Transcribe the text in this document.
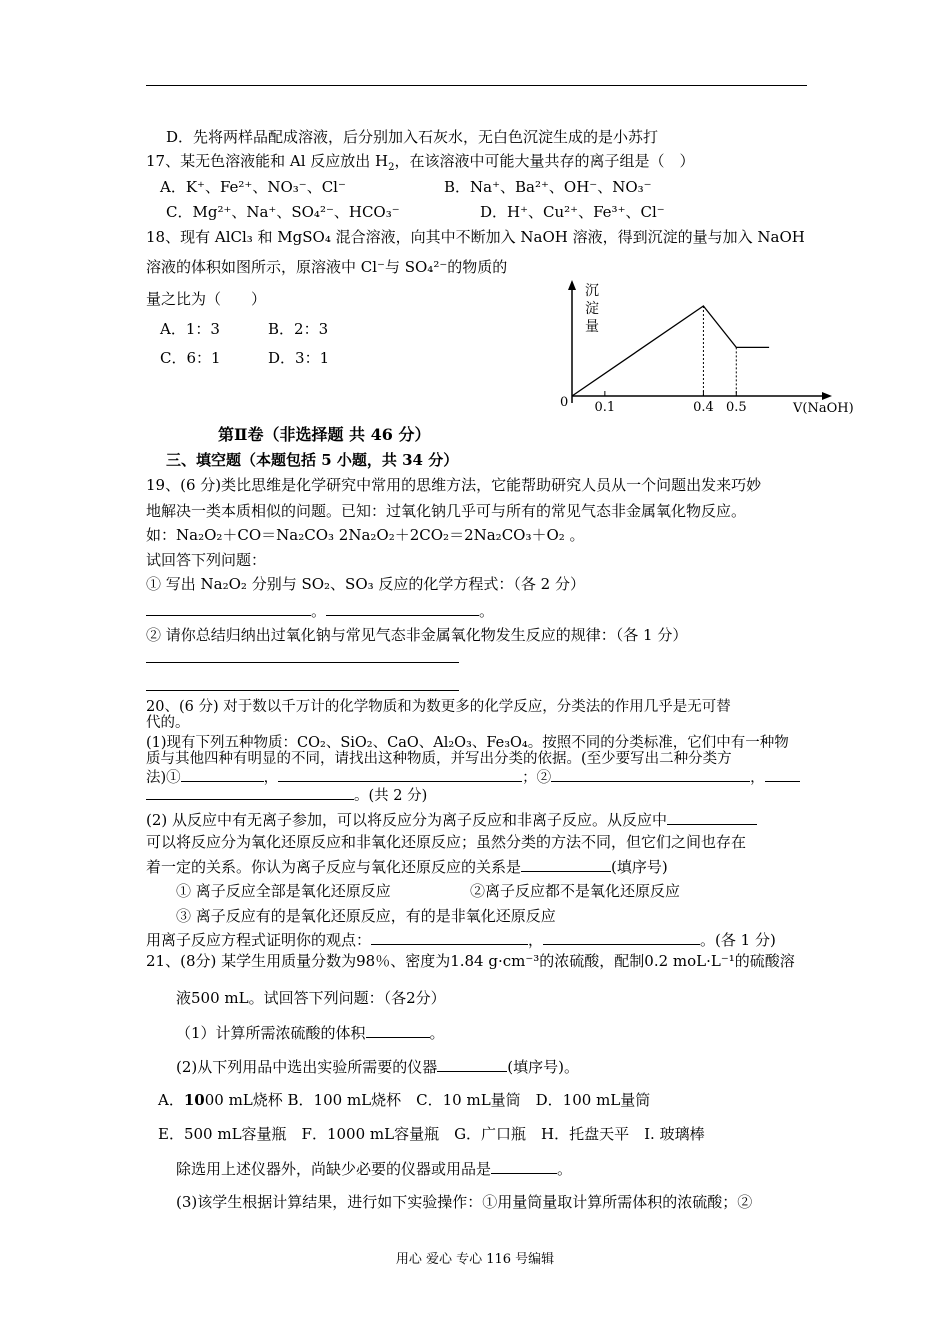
D．先将两样品配成溶液，后分别加入石灰水，无白色沉淀生成的是小苏打
17、某无色溶液能和 Al 反应放出 $H_2$，在该溶液中可能大量共存的离子组是（　）
A．K⁺、Fe²⁺、NO₃⁻、Cl⁻	B．Na⁺、Ba²⁺、OH⁻、NO₃⁻
C．Mg²⁺、Na⁺、SO₄²⁻、HCO₃⁻	D．H⁺、Cu²⁺、Fe³⁺、Cl⁻
18、现有 AlCl₃ 和 MgSO₄ 混合溶液，向其中不断加入 NaOH 溶液，得到沉淀的量与加入 NaOH
溶液的体积如图所示，原溶液中 Cl⁻与 SO₄²⁻的物质的
量之比为（　　）
A．1：3	B．2：3
C．6：1	D．3：1
沉
淀
量
0	V(NaOH)
0.1	0.4 0.5
第Ⅱ卷（非选择题 共 46 分）
三、填空题（本题包括 5 小题，共 34 分）
19、(6 分)类比思维是化学研究中常用的思维方法，它能帮助研究人员从一个问题出发来巧妙
地解决一类本质相似的问题。已知：过氧化钠几乎可与所有的常见气态非金属氧化物反应。
如：Na₂O₂＋CO＝Na₂CO₃ 2Na₂O₂＋2CO₂＝2Na₂CO₃＋O₂ 。
试回答下列问题：
① 写出 Na₂O₂ 分别与 SO₂、SO₃ 反应的化学方程式：（各 2 分）
。	。
② 请你总结归纳出过氧化钠与常见气态非金属氧化物发生反应的规律：（各 1 分）
20、(6 分) 对于数以千万计的化学物质和为数更多的化学反应，分类法的作用几乎是无可替
代的。
(1)现有下列五种物质：CO₂、SiO₂、CaO、Al₂O₃、Fe₃O₄。按照不同的分类标准，它们中有一种物
质与其他四种有明显的不同，请找出这种物质，并写出分类的依据。(至少要写出二种分类方
法)①	，	；②	，
。(共 2 分)
(2) 从反应中有无离子参加，可以将反应分为离子反应和非离子反应。从反应中
可以将反应分为氧化还原反应和非氧化还原反应；虽然分类的方法不同，但它们之间也存在
着一定的关系。你认为离子反应与氧化还原反应的关系是	(填序号)
① 离子反应全部是氧化还原反应	②离子反应都不是氧化还原反应
③ 离子反应有的是氧化还原反应，有的是非氧化还原反应
用离子反应方程式证明你的观点：	，	。(各 1 分)
21、(8分) 某学生用质量分数为98％、密度为1.84 g·cm⁻³的浓硫酸，配制0.2 moL·L⁻¹的硫酸溶
液500 mL。试回答下列问题：（各2分）
（1）计算所需浓硫酸的体积	。
(2)从下列用品中选出实验所需要的仪器	(填序号)。
A．1000 mL烧杯 B．100 mL烧杯　C．10 mL量筒　D．100 mL量筒
E．500 mL容量瓶　F．1000 mL容量瓶　G．广口瓶　H．托盘天平　I. 玻璃棒
除选用上述仪器外，尚缺少必要的仪器或用品是	。
(3)该学生根据计算结果，进行如下实验操作：①用量筒量取计算所需体积的浓硫酸；②
用心 爱心 专心 116 号编辑
